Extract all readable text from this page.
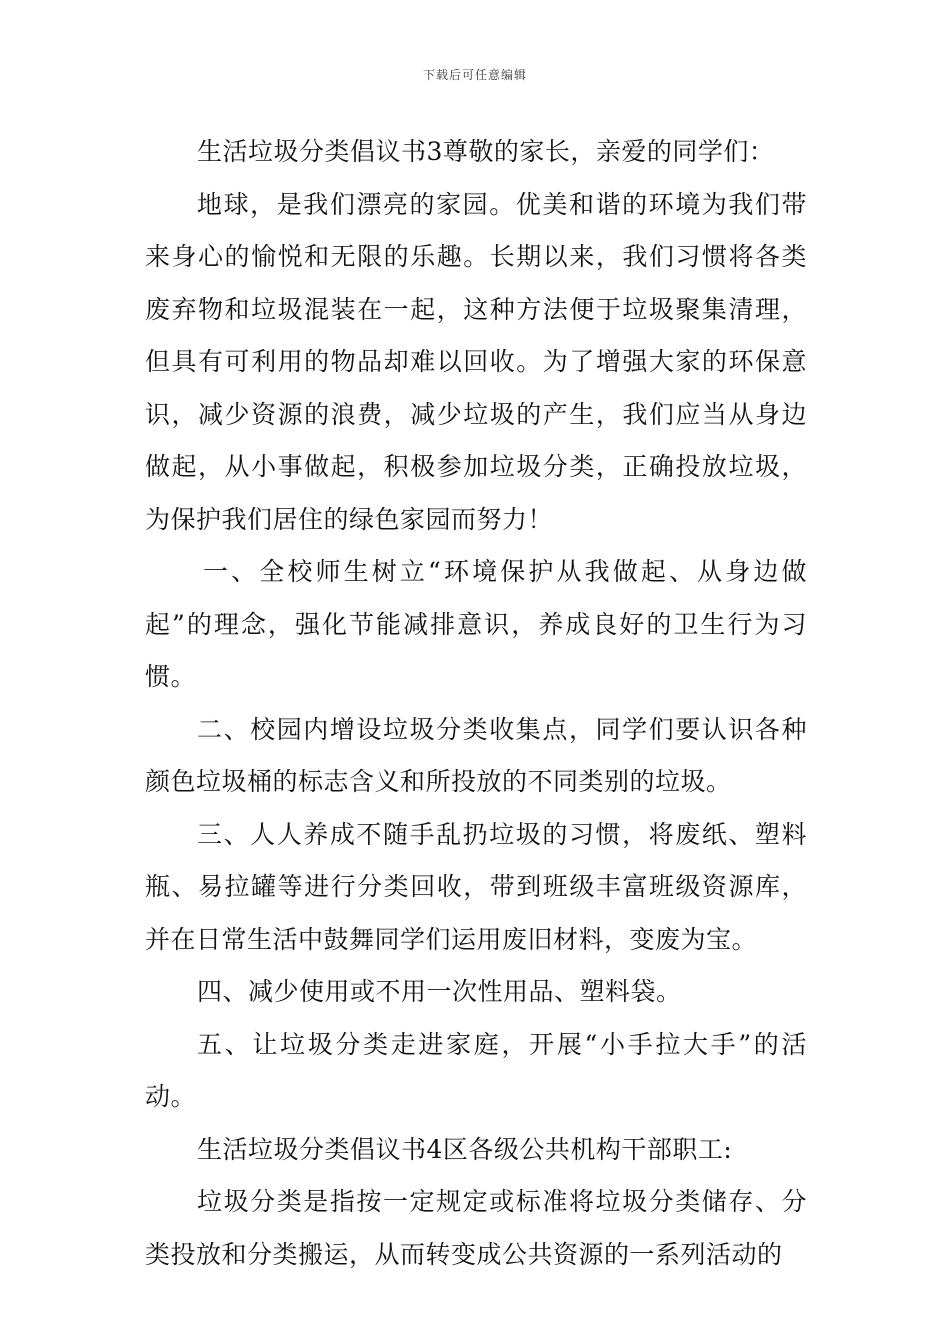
下载后可任意编辑

生活垃圾分类倡议书3尊敬的家长，亲爱的同学们：

地球，是我们漂亮的家园。优美和谐的环境为我们带来身心的愉悦和无限的乐趣。长期以来，我们习惯将各类废弃物和垃圾混装在一起，这种方法便于垃圾聚集清理，但具有可利用的物品却难以回收。为了增强大家的环保意识，减少资源的浪费，减少垃圾的产生，我们应当从身边做起，从小事做起，积极参加垃圾分类，正确投放垃圾，为保护我们居住的绿色家园而努力！

一、全校师生树立“环境保护从我做起、从身边做起”的理念，强化节能减排意识，养成良好的卫生行为习惯。

二、校园内增设垃圾分类收集点，同学们要认识各种颜色垃圾桶的标志含义和所投放的不同类别的垃圾。

三、人人养成不随手乱扔垃圾的习惯，将废纸、塑料瓶、易拉罐等进行分类回收，带到班级丰富班级资源库，并在日常生活中鼓舞同学们运用废旧材料，变废为宝。

四、减少使用或不用一次性用品、塑料袋。

五、让垃圾分类走进家庭，开展“小手拉大手”的活动。

生活垃圾分类倡议书4区各级公共机构干部职工:

垃圾分类是指按一定规定或标准将垃圾分类储存、分类投放和分类搬运，从而转变成公共资源的一系列活动的
